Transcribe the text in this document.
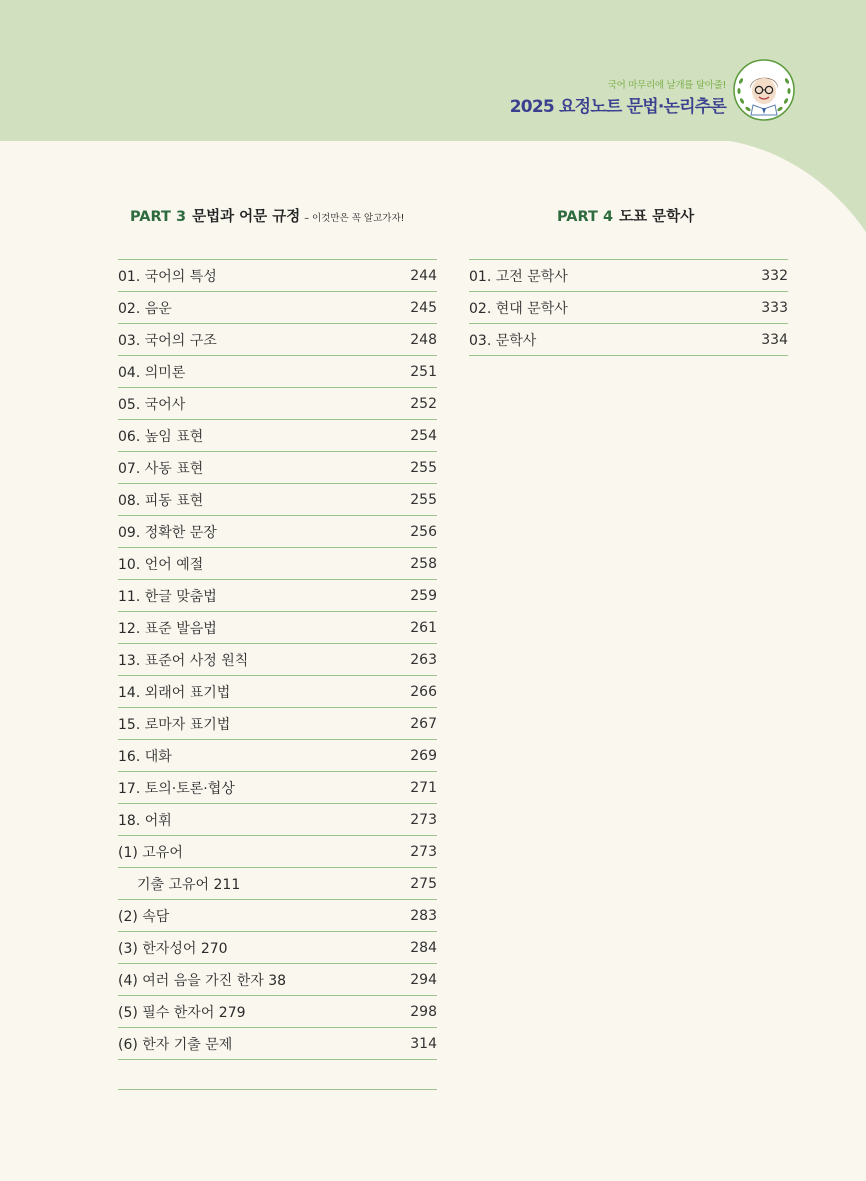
국어 마무리에 날개를 달아줄!
2025 요정노트 문법·논리추론
PART 3 문법과 어문 규정 – 이것만은 꼭 알고가자!	PART 4 도표 문학사
01. 국어의 특성	244
02. 음운	245
03. 국어의 구조	248
04. 의미론	251
05. 국어사	252
06. 높임 표현	254
07. 사동 표현	255
08. 피동 표현	255
09. 정확한 문장	256
10. 언어 예절	258
11. 한글 맞춤법	259
12. 표준 발음법	261
13. 표준어 사정 원칙	263
14. 외래어 표기법	266
15. 로마자 표기법	267
16. 대화	269
17. 토의·토론·협상	271
18. 어휘	273
(1) 고유어	273
기출 고유어 211	275
(2) 속담	283
(3) 한자성어 270	284
(4) 여러 음을 가진 한자 38	294
(5) 필수 한자어 279	298
(6) 한자 기출 문제	314
01. 고전 문학사	332
02. 현대 문학사	333
03. 문학사	334
